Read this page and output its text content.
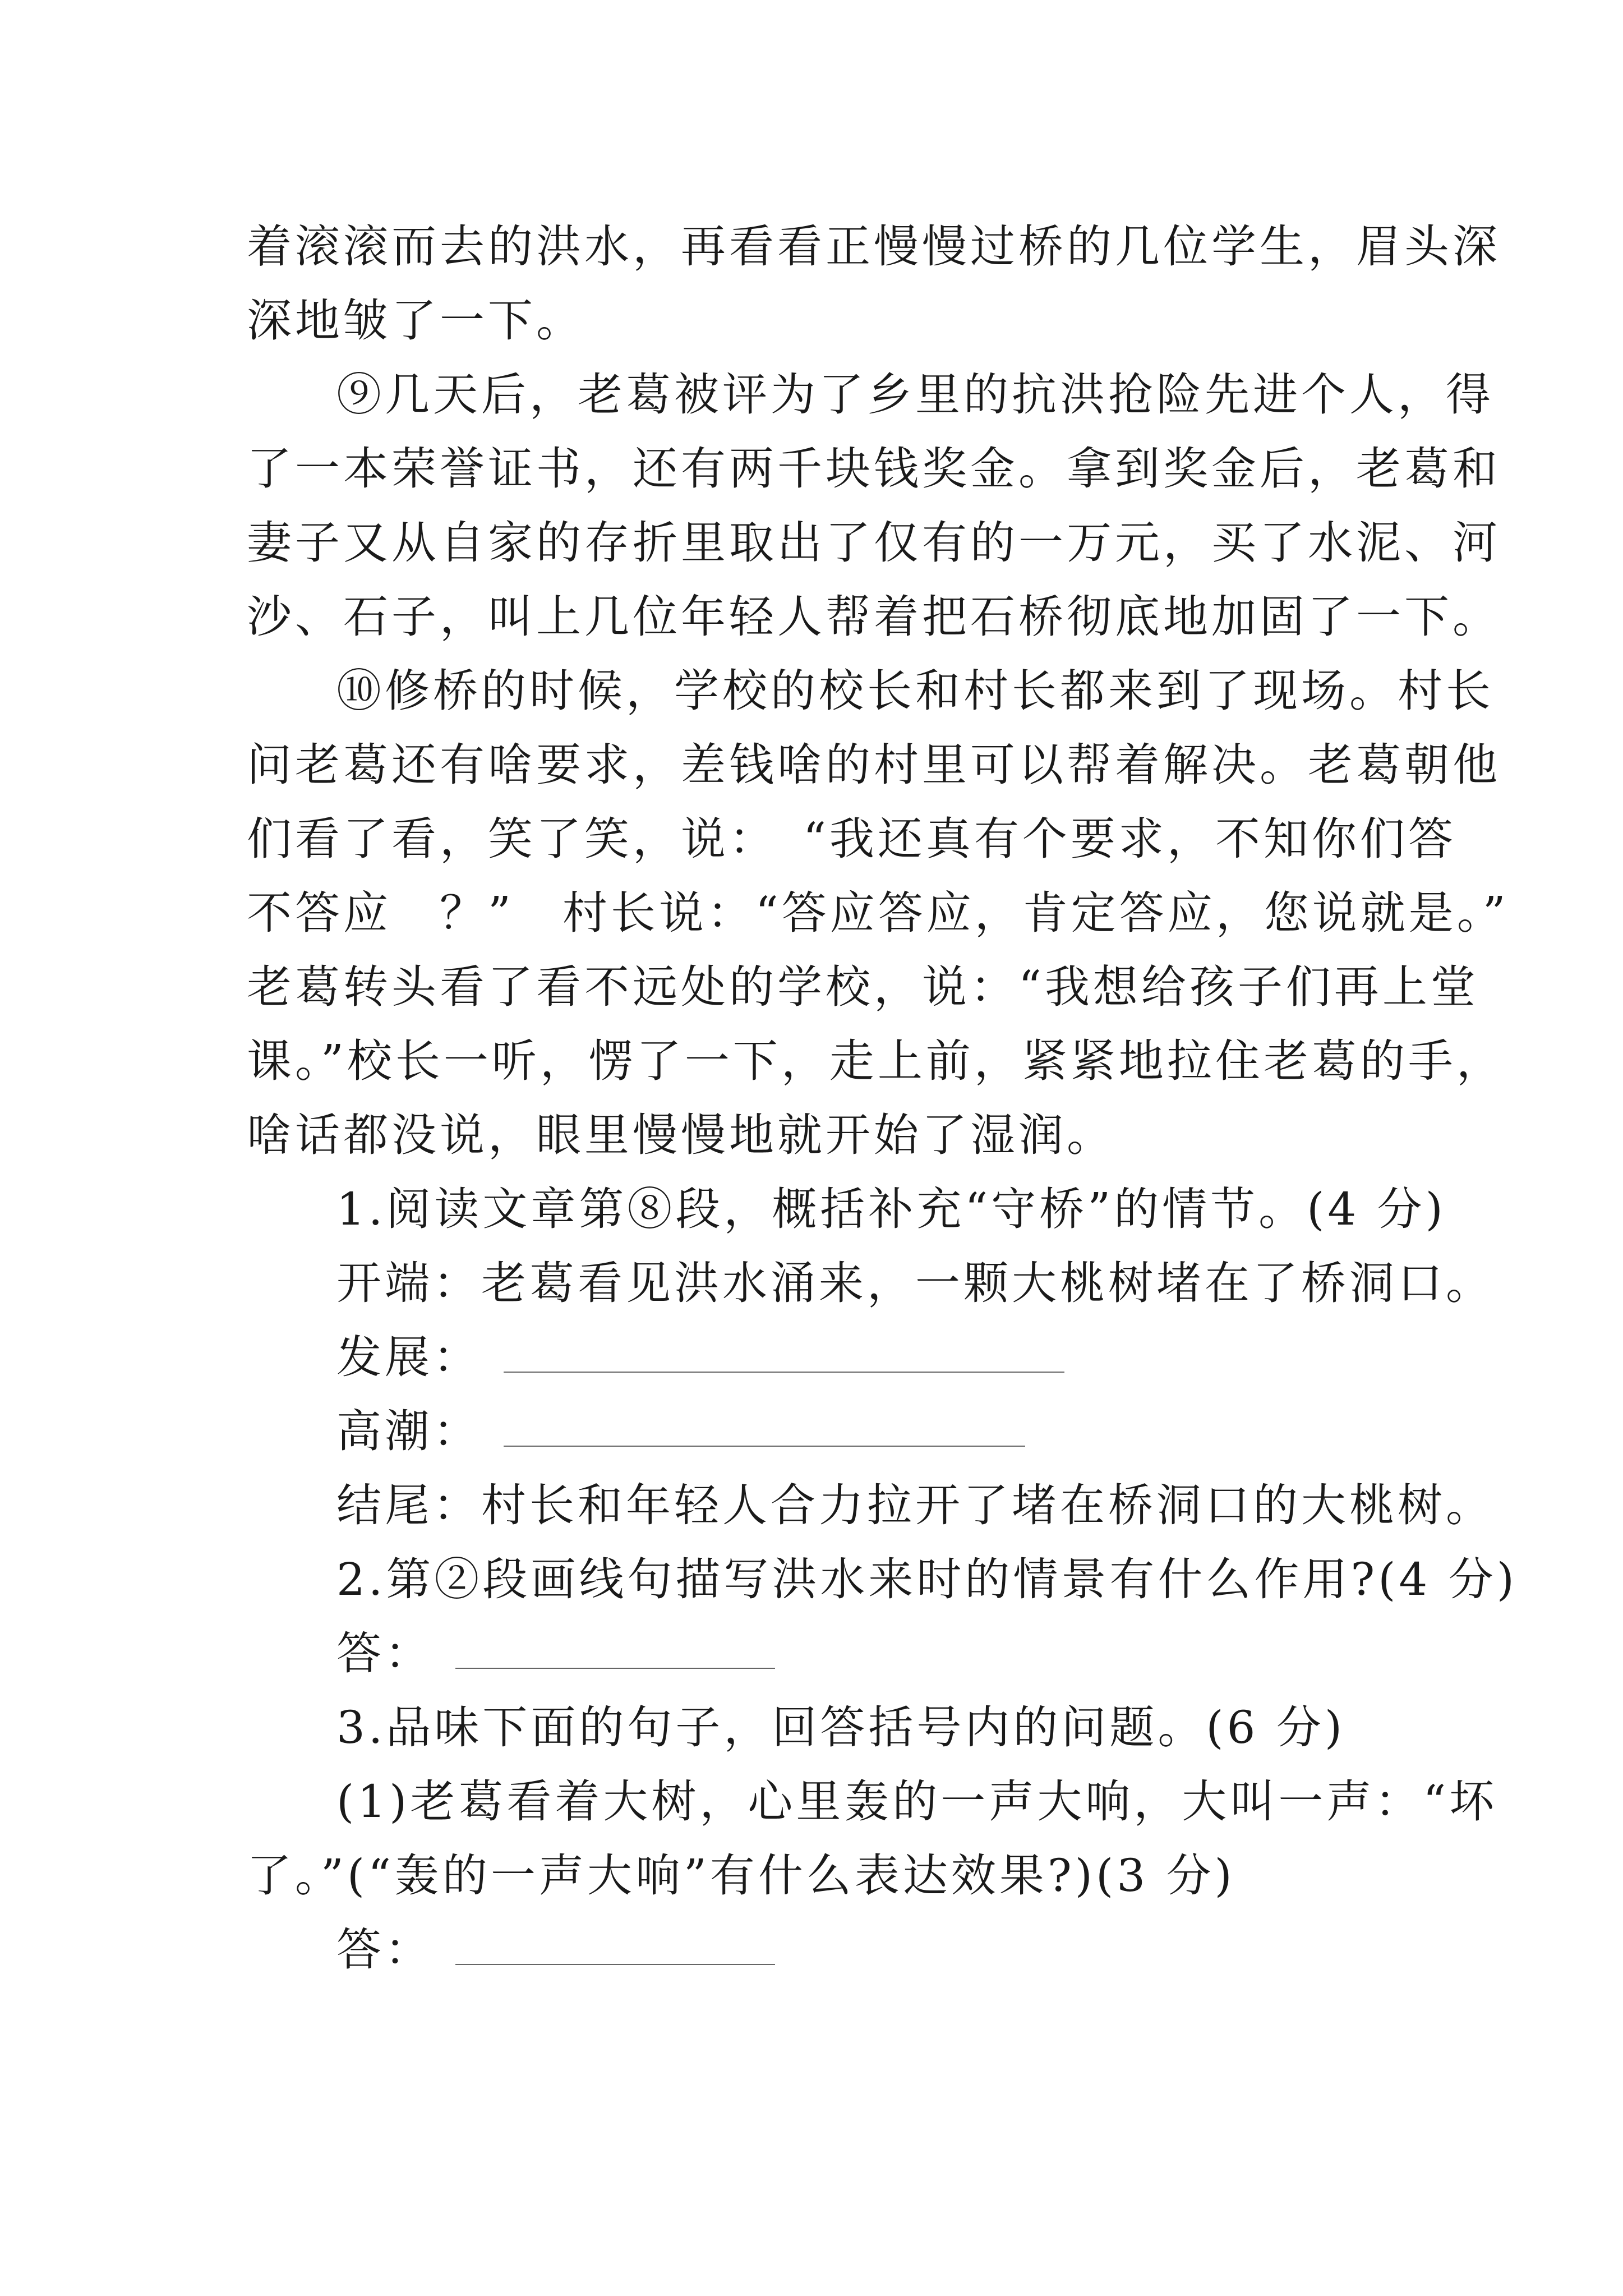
着滚滚而去的洪水，再看看正慢慢过桥的几位学生，眉头深
深地皱了一下。
⑨几天后，老葛被评为了乡里的抗洪抢险先进个人，得
了一本荣誉证书，还有两千块钱奖金。拿到奖金后，老葛和
妻子又从自家的存折里取出了仅有的一万元，买了水泥、河
沙、石子，叫上几位年轻人帮着把石桥彻底地加固了一下。
⑩修桥的时候，学校的校长和村长都来到了现场。村长
问老葛还有啥要求，差钱啥的村里可以帮着解决。老葛朝他
们看了看，笑了笑，说：　“我还真有个要求，不知你们答
不答应　？”　村长说：“答应答应，肯定答应，您说就是。”
老葛转头看了看不远处的学校，说：“我想给孩子们再上堂
课。”校长一听，愣了一下，走上前，紧紧地拉住老葛的手，
啥话都没说，眼里慢慢地就开始了湿润。
1.阅读文章第⑧段，概括补充“守桥”的情节。(4 分)
开端：老葛看见洪水涌来，一颗大桃树堵在了桥洞口。
发展：
高潮：
结尾：村长和年轻人合力拉开了堵在桥洞口的大桃树。
2.第②段画线句描写洪水来时的情景有什么作用?(4 分)
答：
3.品味下面的句子，回答括号内的问题。(6 分)
(1)老葛看着大树，心里轰的一声大响，大叫一声：“坏
了。”(“轰的一声大响”有什么表达效果?)(3 分)
答：
